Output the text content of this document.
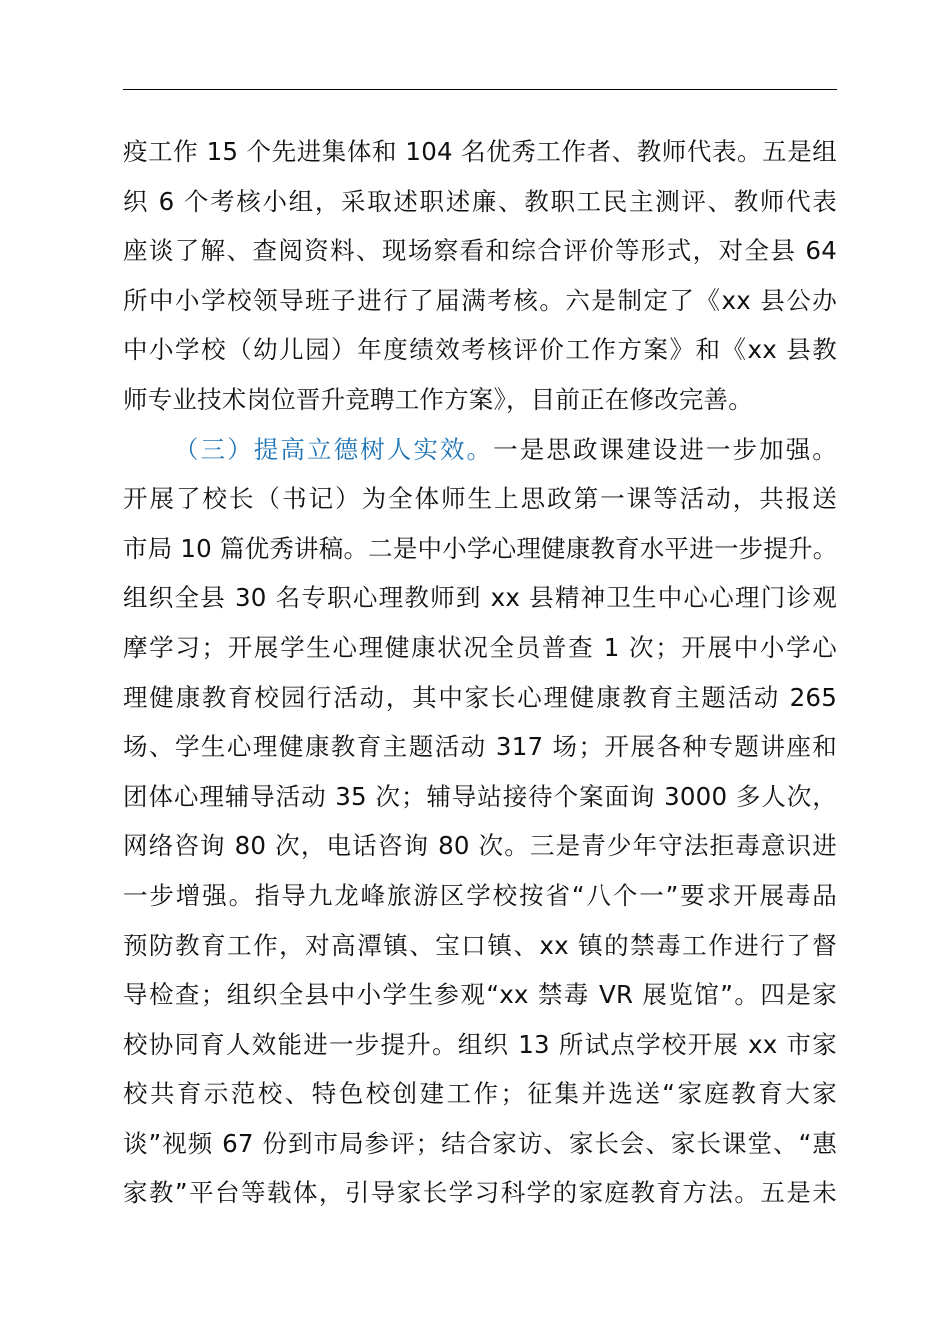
疫工作 15 个先进集体和 104 名优秀工作者、教师代表。五是组
织 6 个考核小组，采取述职述廉、教职工民主测评、教师代表
座谈了解、查阅资料、现场察看和综合评价等形式，对全县 64
所中小学校领导班子进行了届满考核。六是制定了《xx 县公办
中小学校（幼儿园）年度绩效考核评价工作方案》和《xx 县教
师专业技术岗位晋升竞聘工作方案》，目前正在修改完善。
（三）提高立德树人实效。一是思政课建设进一步加强。
开展了校长（书记）为全体师生上思政第一课等活动，共报送
市局 10 篇优秀讲稿。二是中小学心理健康教育水平进一步提升。
组织全县 30 名专职心理教师到 xx 县精神卫生中心心理门诊观
摩学习；开展学生心理健康状况全员普查 1 次；开展中小学心
理健康教育校园行活动，其中家长心理健康教育主题活动 265
场、学生心理健康教育主题活动 317 场；开展各种专题讲座和
团体心理辅导活动 35 次；辅导站接待个案面询 3000 多人次，
网络咨询 80 次，电话咨询 80 次。三是青少年守法拒毒意识进
一步增强。指导九龙峰旅游区学校按省“八个一”要求开展毒品
预防教育工作，对高潭镇、宝口镇、xx 镇的禁毒工作进行了督
导检查；组织全县中小学生参观“xx 禁毒 VR 展览馆”。四是家
校协同育人效能进一步提升。组织 13 所试点学校开展 xx 市家
校共育示范校、特色校创建工作；征集并选送“家庭教育大家
谈”视频 67 份到市局参评；结合家访、家长会、家长课堂、“惠
家教”平台等载体，引导家长学习科学的家庭教育方法。五是未
